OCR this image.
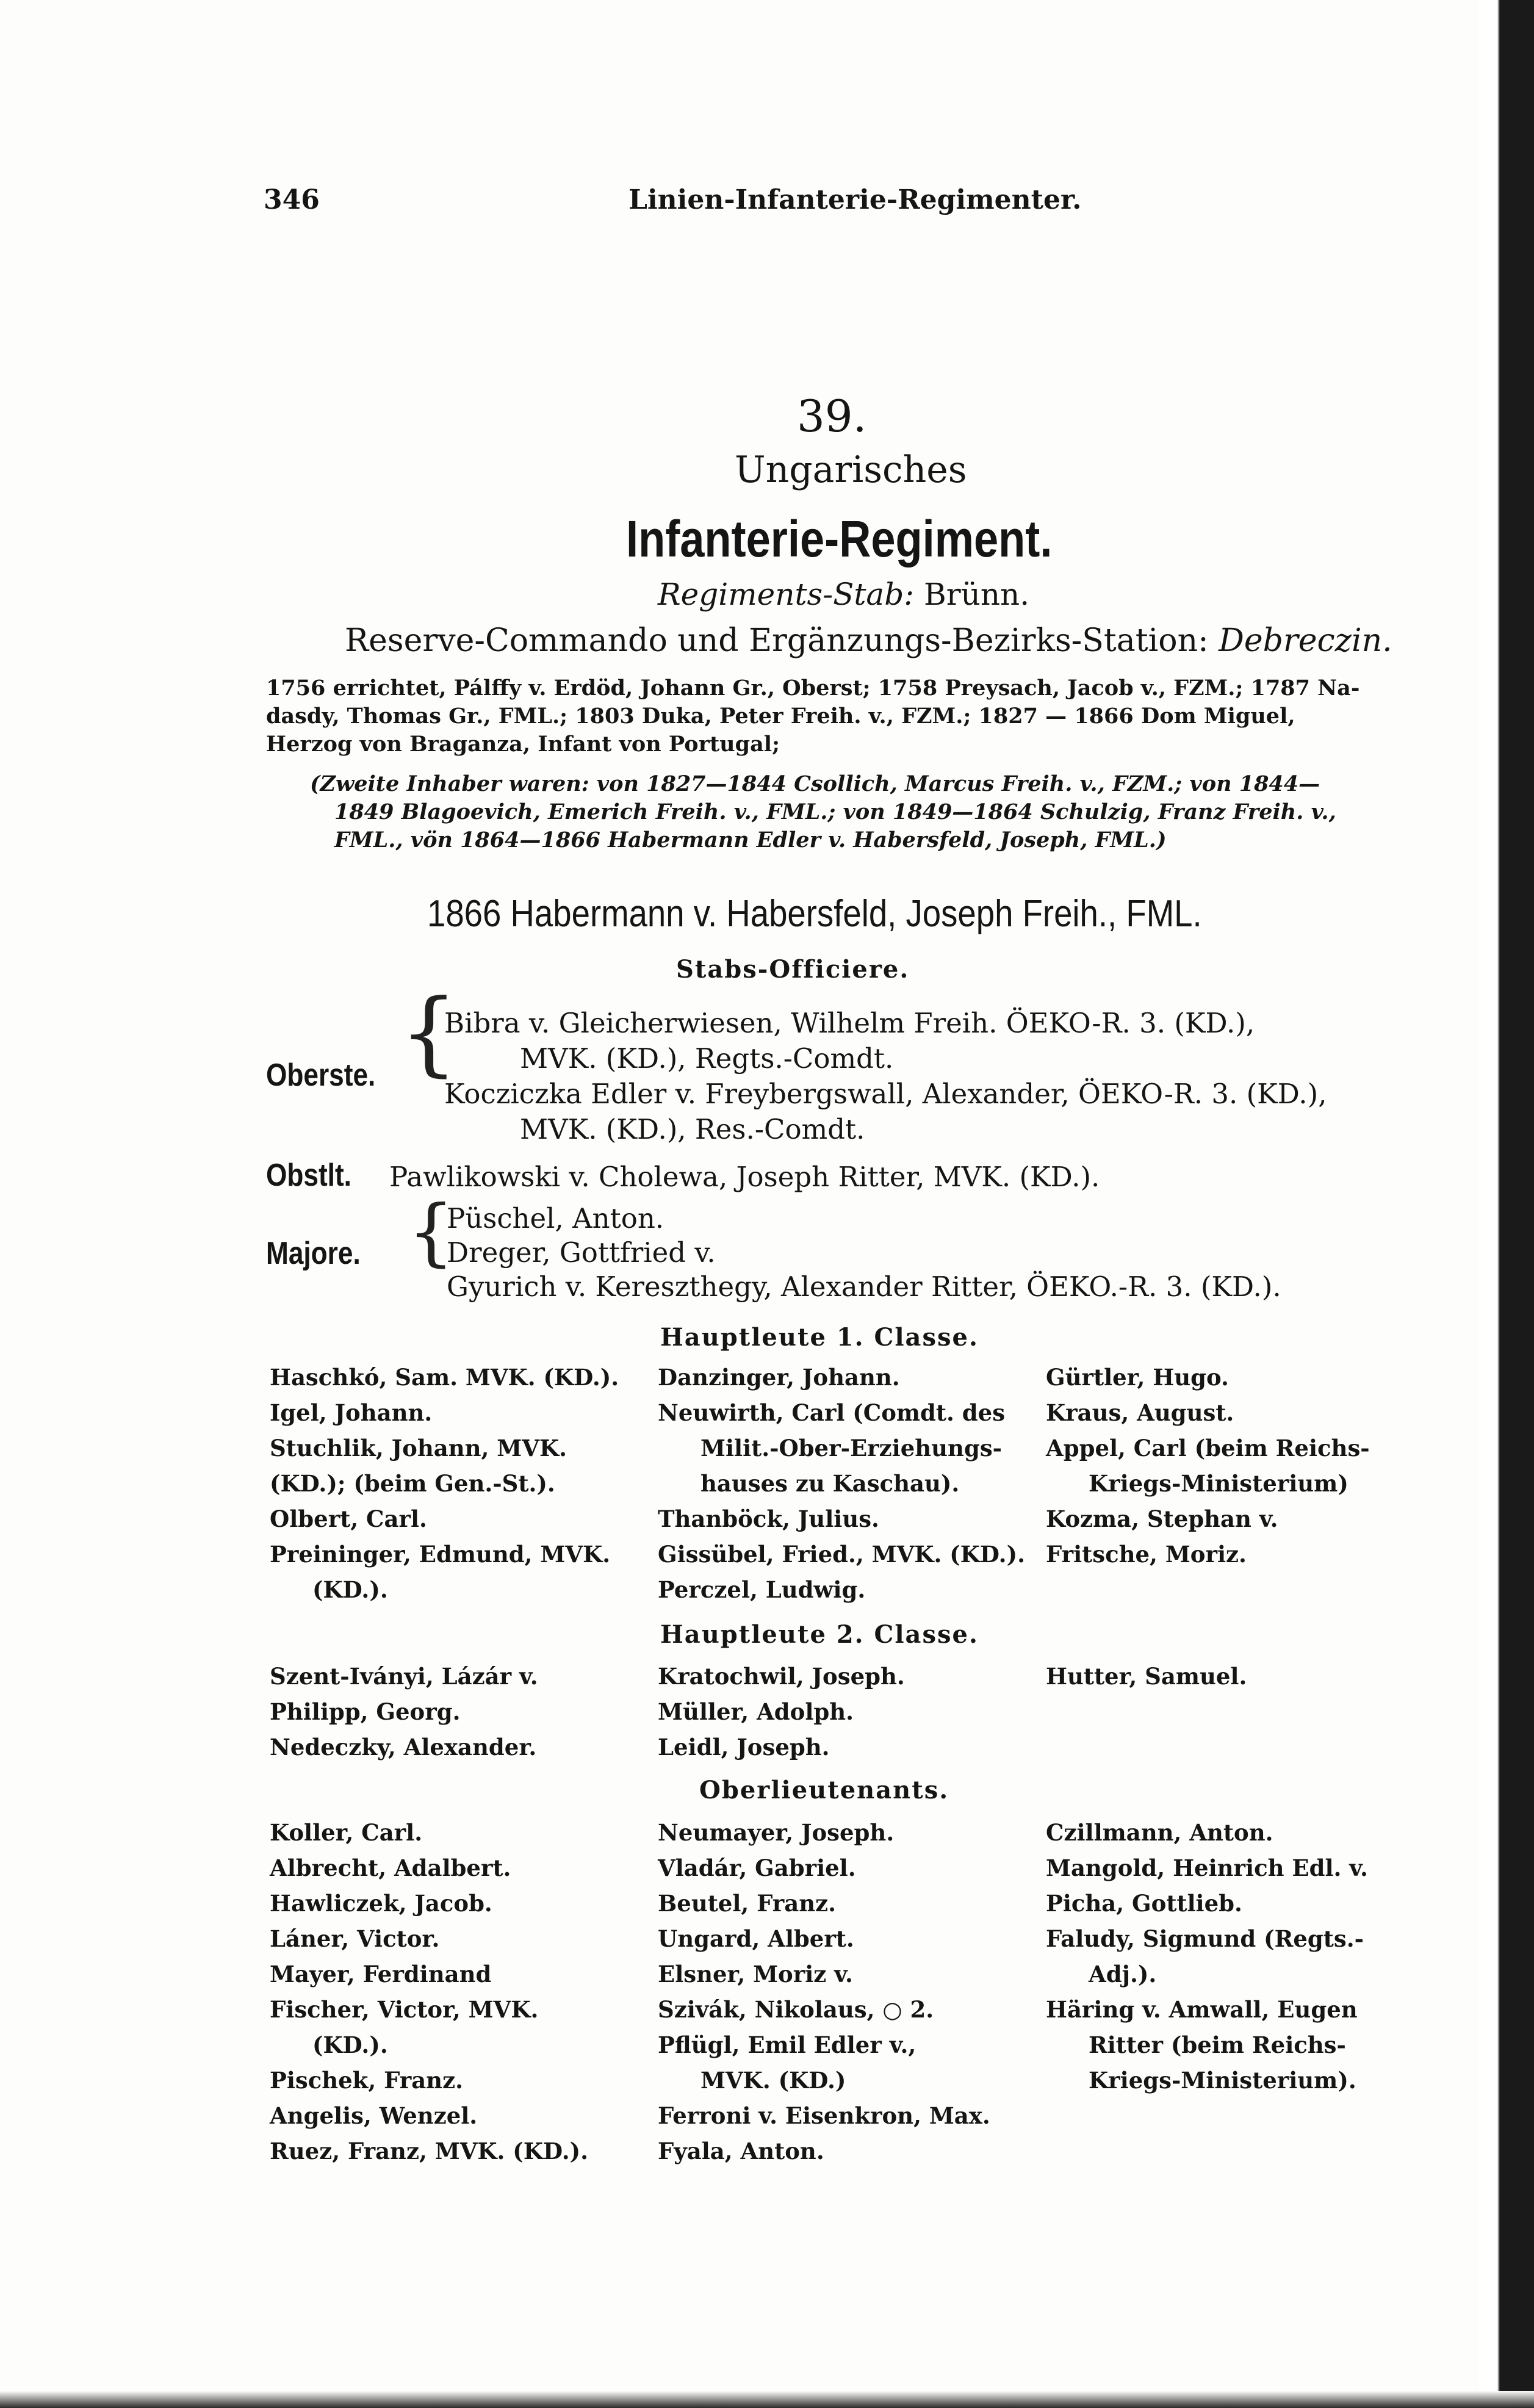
346	Linien-Infanterie-Regimenter.
39.
Ungarisches
Infanterie-Regiment.
Regiments-Stab: Brünn.
Reserve-Commando und Ergänzungs-Bezirks-Station: Debreczin.
1756 errichtet, Pálffy v. Erdöd, Johann Gr., Oberst; 1758 Preysach, Jacob v., FZM.; 1787 Na-
dasdy, Thomas Gr., FML.; 1803 Duka, Peter Freih. v., FZM.; 1827 — 1866 Dom Miguel,
Herzog von Braganza, Infant von Portugal;
(Zweite Inhaber waren: von 1827—1844 Csollich, Marcus Freih. v., FZM.; von 1844—
1849 Blagoevich, Emerich Freih. v., FML.; von 1849—1864 Schulzig, Franz Freih. v.,
FML., vön 1864—1866 Habermann Edler v. Habersfeld, Joseph, FML.)
1866 Habermann v. Habersfeld, Joseph Freih., FML.
Stabs-Officiere.
Oberste. {
Bibra v. Gleicherwiesen, Wilhelm Freih. ÖEKO-R. 3. (KD.),
MVK. (KD.), Regts.-Comdt.
Kocziczka Edler v. Freybergswall, Alexander, ÖEKO-R. 3. (KD.),
MVK. (KD.), Res.-Comdt.
Obstlt. Pawlikowski v. Cholewa, Joseph Ritter, MVK. (KD.).
Majore. {
Püschel, Anton.
Dreger, Gottfried v.
Gyurich v. Kereszthegy, Alexander Ritter, ÖEKO.-R. 3. (KD.).
Hauptleute 1. Classe.
Haschkó, Sam. MVK. (KD.).
Igel, Johann.
Stuchlik, Johann, MVK.
(KD.); (beim Gen.-St.).
Olbert, Carl.
Preininger, Edmund, MVK.
(KD.).
Danzinger, Johann.
Neuwirth, Carl (Comdt. des
Milit.-Ober-Erziehungs-
hauses zu Kaschau).
Thanböck, Julius.
Gissübel, Fried., MVK. (KD.).
Perczel, Ludwig.
Gürtler, Hugo.
Kraus, August.
Appel, Carl (beim Reichs-
Kriegs-Ministerium)
Kozma, Stephan v.
Fritsche, Moriz.
Hauptleute 2. Classe.
Szent-Iványi, Lázár v.
Philipp, Georg.
Nedeczky, Alexander.
Kratochwil, Joseph.
Müller, Adolph.
Leidl, Joseph.
Hutter, Samuel.
Oberlieutenants.
Koller, Carl.
Albrecht, Adalbert.
Hawliczek, Jacob.
Láner, Victor.
Mayer, Ferdinand
Fischer, Victor, MVK.
(KD.).
Pischek, Franz.
Angelis, Wenzel.
Ruez, Franz, MVK. (KD.).
Neumayer, Joseph.
Vladár, Gabriel.
Beutel, Franz.
Ungard, Albert.
Elsner, Moriz v.
Szivák, Nikolaus, ○ 2.
Pflügl, Emil Edler v.,
MVK. (KD.)
Ferroni v. Eisenkron, Max.
Fyala, Anton.
Czillmann, Anton.
Mangold, Heinrich Edl. v.
Picha, Gottlieb.
Faludy, Sigmund (Regts.-
Adj.).
Häring v. Amwall, Eugen
Ritter (beim Reichs-
Kriegs-Ministerium).
